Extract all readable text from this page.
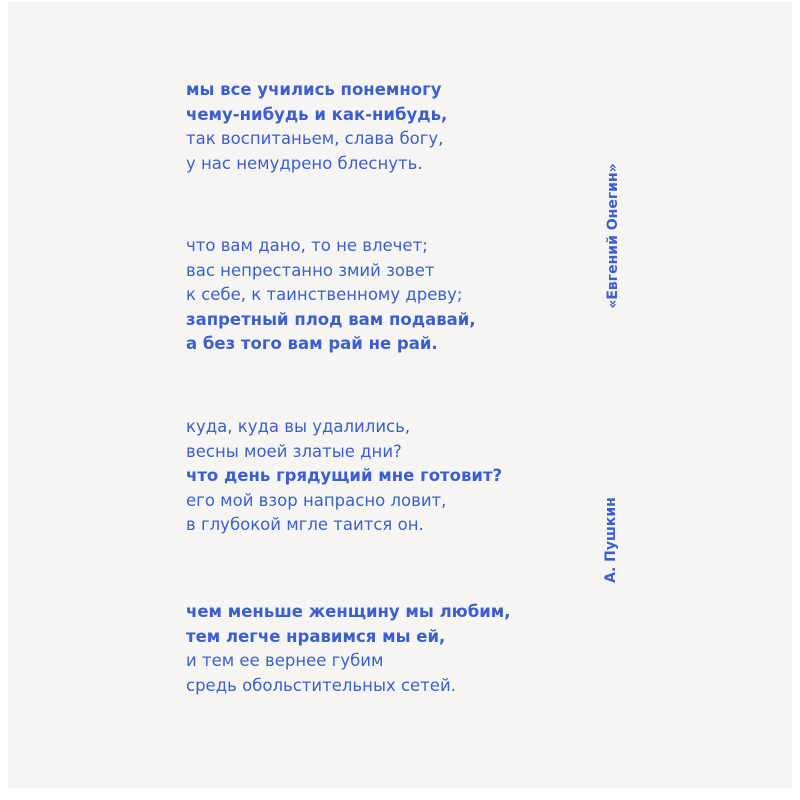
мы все учились понемногу
чему-нибудь и как-нибудь,
так воспитаньем, слава богу,
у нас немудрено блеснуть.
что вам дано, то не влечет;
вас непрестанно змий зовет
к себе, к таинственному древу;
запретный плод вам подавай,
а без того вам рай не рай.
куда, куда вы удалились,
весны моей златые дни?
что день грядущий мне готовит?
его мой взор напрасно ловит,
в глубокой мгле таится он.
чем меньше женщину мы любим,
тем легче нравимся мы ей,
и тем ее вернее губим
средь обольстительных сетей.
«Евгений Онегин»
А. Пушкин
